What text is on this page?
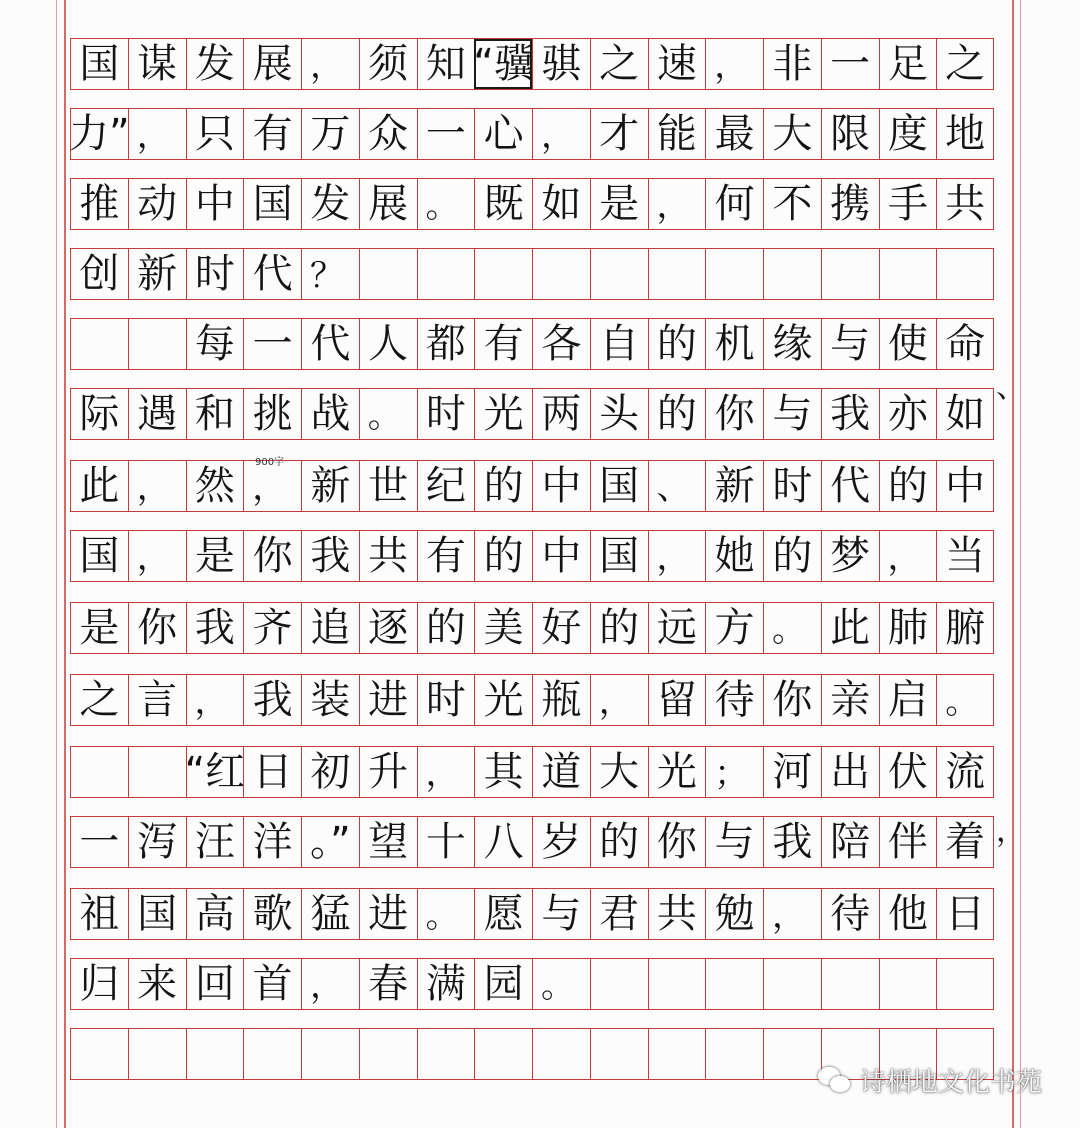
国 谋 发 展 ， 须 知 “骥 骐 之 速 ， 非 一 足 之
力” ， 只 有 万 众 一 心 ， 才 能 最 大 限 度 地
推 动 中 国 发 展 。 既 如 是 ， 何 不 携 手 共
创 新 时 代 ？
每 一 代 人 都 有 各 自 的 机 缘 与 使 命
际 遇 和 挑 战 。 时 光 两 头 的 你 与 我 亦 如
此 ， 然 ， 新 世 纪 的 中 国 、 新 时 代 的 中
国 ， 是 你 我 共 有 的 中 国 ， 她 的 梦 ， 当
是 你 我 齐 追 逐 的 美 好 的 远 方 。 此 肺 腑
之 言 ， 我 装 进 时 光 瓶 ， 留 待 你 亲 启 。
“红 日 初 升 ， 其 道 大 光 ； 河 出 伏 流
一 泻 汪 洋 。” 望 十 八 岁 的 你 与 我 陪 伴 着
祖 国 高 歌 猛 进 。 愿 与 君 共 勉 ， 待 他 日
归 来 回 首 ， 春 满 园 。
、
，
900字
诗栖地文化书苑
